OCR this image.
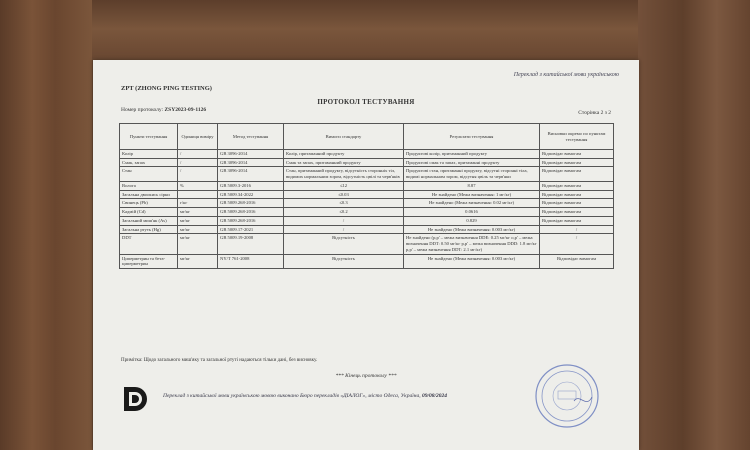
Переклад з китайської мови українською
ZPT (ZHONG PING TESTING)
ПРОТОКОЛ ТЕСТУВАННЯ
Номер протоколу: ZSY2023-09-1126	Сторінка 2 з 2
Пункти тестування	Одиниця виміру	Метод тестування	Вимоги стандарту	Результати тестування	Висновки окремо по пунктам тестування
Колір	/	GB 3096-2014	Колір, притаманний продукту	Продуктові колір, притаманний продукту	Відповідає вимогам
Смак, запах	/	GB 3096-2014	Смак та запах, притаманний продукту	Продуктові смак та запах, притаманні продукту	Відповідає вимогам
Стан	/	GB 3096-2014	Стан, притаманний продукту, відсутність сторонніх тіл, видимих нормальним зором, відсутність цвілі та черв'яків	Продуктові стан, притаманні продукту, відсутні сторонні тіла, видимі нормальним зором, відсутня цвіль та черв'яки	Відповідає вимогам
Волога	%	GB 5009.3-2016	≤12	8.87	Відповідає вимогам
Загальна двоокись сірки		GB 5009.34-2022	≤0.03	Не знайдено (Межа визначення: 1 мг/кг)	Відповідає вимогам
Свинець (Pb)	г/кг	GB 5009.268-2016	≤0.3	Не знайдено (Межа визначення: 0.02 мг/кг)	Відповідає вимогам
Кадмій (Cd)	мг/кг	GB 5009.268-2016	≤0.2	0.0616	Відповідає вимогам
Загальний миш'як (As)	мг/кг	GB 5009.268-2016	/	0.829	Відповідає вимогам
Загальна ртуть (Hg)	мг/кг	GB 5009.17-2021	/	Не знайдено (Межа визначення: 0.003 мг/кг)	/
DDT	мг/кг	GB 5009.19-2008	Відсутність	Не знайдено (p,p' – межа визначення DDE: 0.25 мг/кг o,p' – межа визначення DDT: 0.50 мг/кг p,p' – межа визначення DDD: 1.8 мг/кг p,p' – межа визначення DDT: 2.1 мг/кг)	/
Ципермeтрин та бета-циперметрин	мг/кг	NY/T 761-2008	Відсутність	Не знайдено (Межа визначення: 0.003 мг/кг)	Відповідає вимогам
Примітка: Щодо загального миш'яку та загальної ртуті надаються тільки дані, без висновку.
*** Кінець протоколу ***
Переклад з китайської мови українською мовою виконано Бюро перекладів «ДІАЛОГ», місто Одеса, Україна, 09/08/2024
